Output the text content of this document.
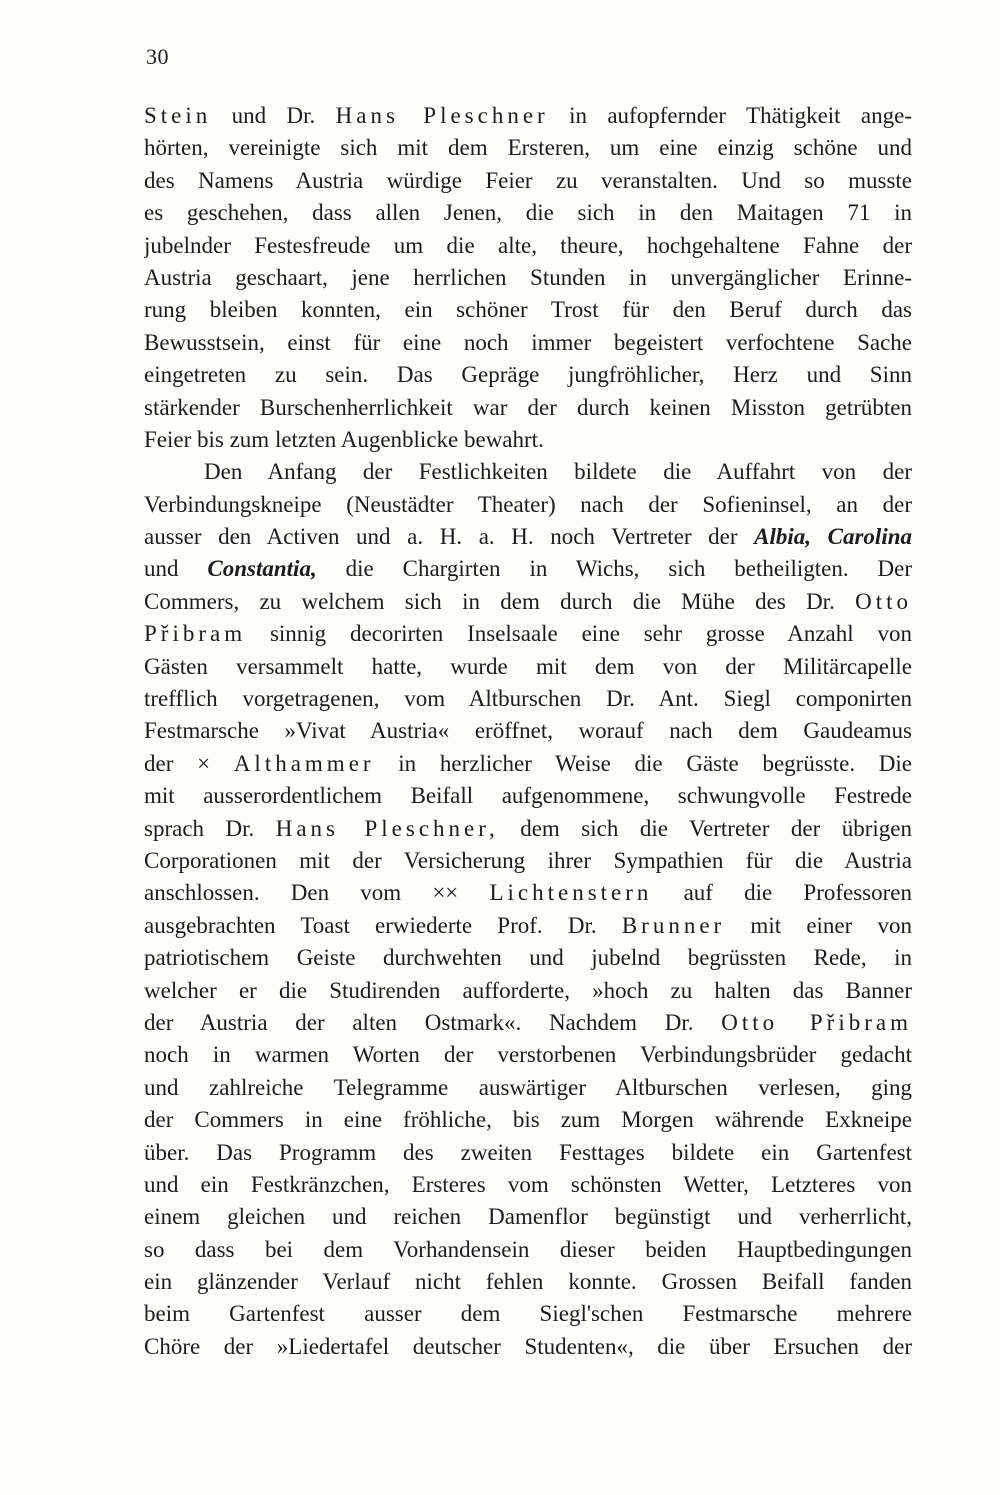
30
Stein und Dr. Hans Pleschner in aufopfernder Thätigkeit ange-
hörten, vereinigte sich mit dem Ersteren, um eine einzig schöne und
des Namens Austria würdige Feier zu veranstalten. Und so musste
es geschehen, dass allen Jenen, die sich in den Maitagen 71 in
jubelnder Festesfreude um die alte, theure, hochgehaltene Fahne der
Austria geschaart, jene herrlichen Stunden in unvergänglicher Erinne-
rung bleiben konnten, ein schöner Trost für den Beruf durch das
Bewusstsein, einst für eine noch immer begeistert verfochtene Sache
eingetreten zu sein. Das Gepräge jungfröhlicher, Herz und Sinn
stärkender Burschenherrlichkeit war der durch keinen Misston getrübten
Feier bis zum letzten Augenblicke bewahrt.
Den Anfang der Festlichkeiten bildete die Auffahrt von der
Verbindungskneipe (Neustädter Theater) nach der Sofieninsel, an der
ausser den Activen und a. H. a. H. noch Vertreter der Albia, Carolina
und Constantia, die Chargirten in Wichs, sich betheiligten. Der
Commers, zu welchem sich in dem durch die Mühe des Dr. Otto
Přibram sinnig decorirten Inselsaale eine sehr grosse Anzahl von
Gästen versammelt hatte, wurde mit dem von der Militärcapelle
trefflich vorgetragenen, vom Altburschen Dr. Ant. Siegl componirten
Festmarsche »Vivat Austria« eröffnet, worauf nach dem Gaudeamus
der × Althammer in herzlicher Weise die Gäste begrüsste. Die
mit ausserordentlichem Beifall aufgenommene, schwungvolle Festrede
sprach Dr. Hans Pleschner, dem sich die Vertreter der übrigen
Corporationen mit der Versicherung ihrer Sympathien für die Austria
anschlossen. Den vom ×× Lichtenstern auf die Professoren
ausgebrachten Toast erwiederte Prof. Dr. Brunner mit einer von
patriotischem Geiste durchwehten und jubelnd begrüssten Rede, in
welcher er die Studirenden aufforderte, »hoch zu halten das Banner
der Austria der alten Ostmark«. Nachdem Dr. Otto Přibram
noch in warmen Worten der verstorbenen Verbindungsbrüder gedacht
und zahlreiche Telegramme auswärtiger Altburschen verlesen, ging
der Commers in eine fröhliche, bis zum Morgen währende Exkneipe
über. Das Programm des zweiten Festtages bildete ein Gartenfest
und ein Festkränzchen, Ersteres vom schönsten Wetter, Letzteres von
einem gleichen und reichen Damenflor begünstigt und verherrlicht,
so dass bei dem Vorhandensein dieser beiden Hauptbedingungen
ein glänzender Verlauf nicht fehlen konnte. Grossen Beifall fanden
beim Gartenfest ausser dem Siegl'schen Festmarsche mehrere
Chöre der »Liedertafel deutscher Studenten«, die über Ersuchen der
